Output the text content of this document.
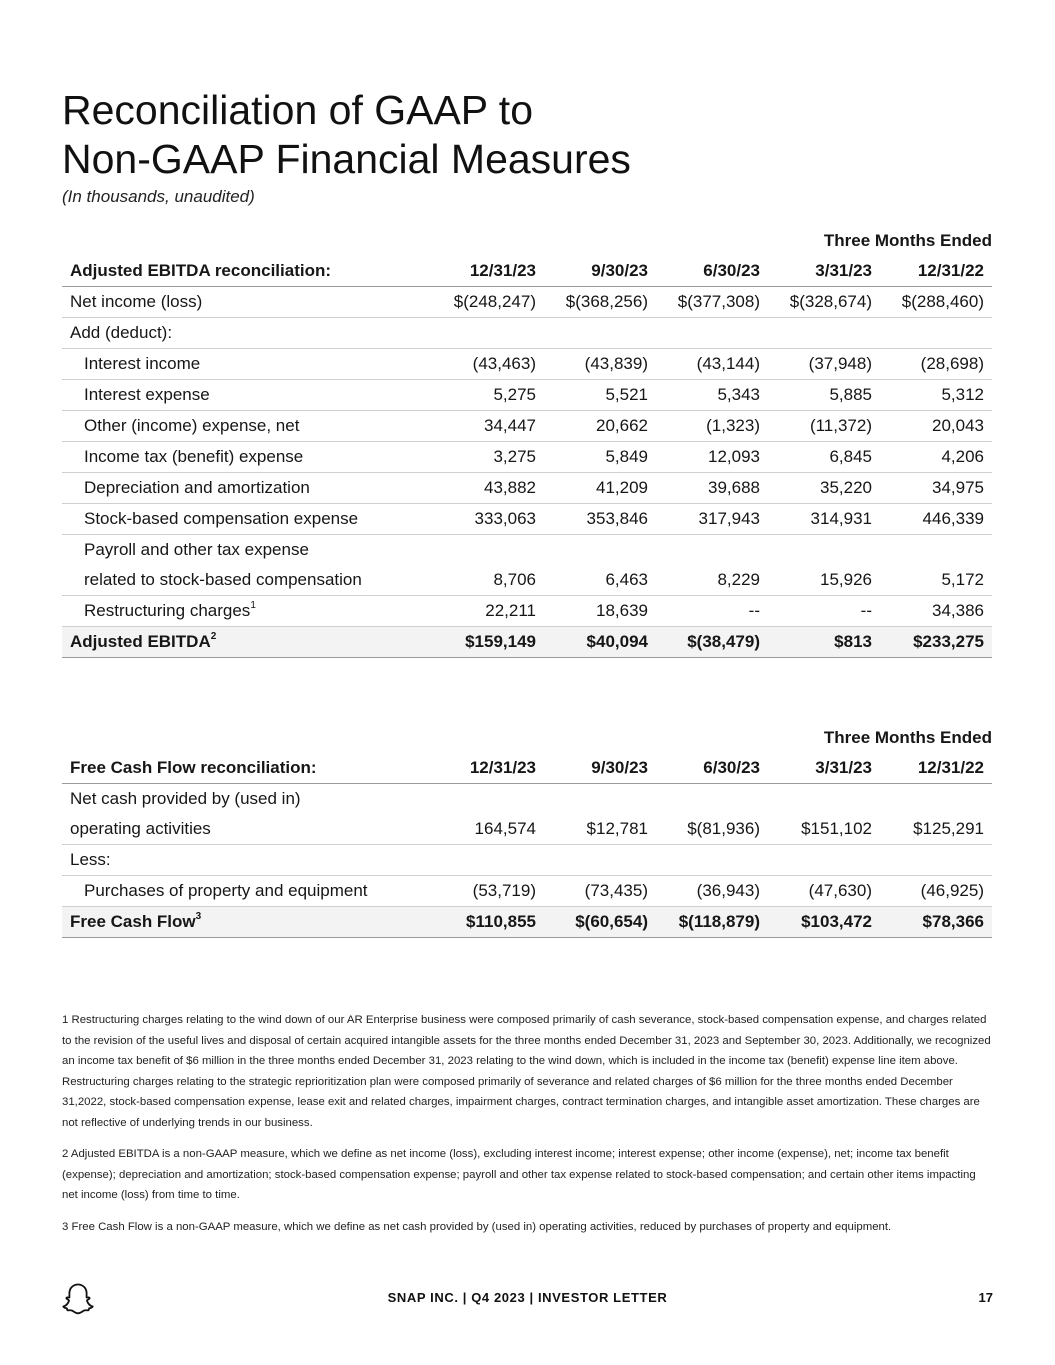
Reconciliation of GAAP to
Non-GAAP Financial Measures
(In thousands, unaudited)
Three Months Ended					
Adjusted EBITDA reconciliation:	12/31/23	9/30/23	6/30/23	3/31/23	12/31/22
Net income (loss)	$(248,247)	$(368,256)	$(377,308)	$(328,674)	$(288,460)
Add (deduct):					
Interest income	(43,463)	(43,839)	(43,144)	(37,948)	(28,698)
Interest expense	5,275	5,521	5,343	5,885	5,312
Other (income) expense, net	34,447	20,662	(1,323)	(11,372)	20,043
Income tax (benefit) expense	3,275	5,849	12,093	6,845	4,206
Depreciation and amortization	43,882	41,209	39,688	35,220	34,975
Stock-based compensation expense	333,063	353,846	317,943	314,931	446,339
Payroll and other tax expense					
related to stock-based compensation	8,706	6,463	8,229	15,926	5,172
Restructuring charges$^1$	22,211	18,639	--	--	34,386
Adjusted EBITDA$^2$	$159,149	$40,094	$(38,479)	$813	$233,275
Three Months Ended					
Free Cash Flow reconciliation:	12/31/23	9/30/23	6/30/23	3/31/23	12/31/22
Net cash provided by (used in)					
operating activities	164,574	$12,781	$(81,936)	$151,102	$125,291
Less:					
Purchases of property and equipment	(53,719)	(73,435)	(36,943)	(47,630)	(46,925)
Free Cash Flow$^3$	$110,855	$(60,654)	$(118,879)	$103,472	$78,366

1 Restructuring charges relating to the wind down of our AR Enterprise business were composed primarily of cash severance, stock-based compensation expense, and charges related to the revision of the useful lives and disposal of certain acquired intangible assets for the three months ended December 31, 2023 and September 30, 2023. Additionally, we recognized an income tax benefit of $6 million in the three months ended December 31, 2023 relating to the wind down, which is included in the income tax (benefit) expense line item above. Restructuring charges relating to the strategic reprioritization plan were composed primarily of severance and related charges of $6 million for the three months ended December 31,2022, stock-based compensation expense, lease exit and related charges, impairment charges, contract termination charges, and intangible asset amortization. These charges are not reflective of underlying trends in our business.

2 Adjusted EBITDA is a non-GAAP measure, which we define as net income (loss), excluding interest income; interest expense; other income (expense), net; income tax benefit (expense); depreciation and amortization; stock-based compensation expense; payroll and other tax expense related to stock-based compensation; and certain other items impacting net income (loss) from time to time.

3 Free Cash Flow is a non-GAAP measure, which we define as net cash provided by (used in) operating activities, reduced by purchases of property and equipment.

SNAP INC. | Q4 2023 | INVESTOR LETTER	17
